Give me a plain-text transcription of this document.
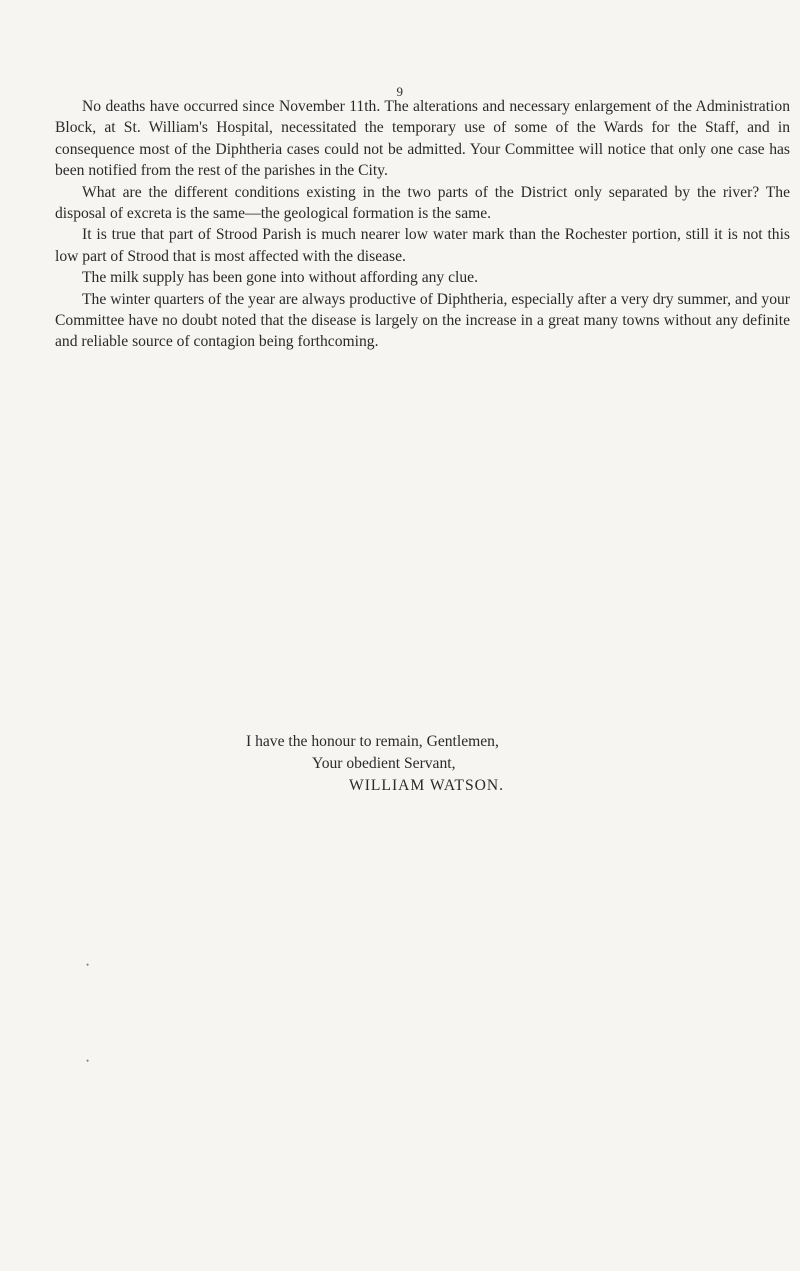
9

No deaths have occurred since November 11th. The alterations and necessary enlargement of the Administration Block, at St. William's Hospital, necessitated the temporary use of some of the Wards for the Staff, and in consequence most of the Diphtheria cases could not be admitted. Your Committee will notice that only one case has been notified from the rest of the parishes in the City.

What are the different conditions existing in the two parts of the District only separated by the river? The disposal of excreta is the same—the geological formation is the same.

It is true that part of Strood Parish is much nearer low water mark than the Rochester portion, still it is not this low part of Strood that is most affected with the disease.

The milk supply has been gone into without affording any clue.

The winter quarters of the year are always productive of Diphtheria, especially after a very dry summer, and your Committee have no doubt noted that the disease is largely on the increase in a great many towns without any definite and reliable source of contagion being forthcoming.

I have the honour to remain, Gentlemen,
Your obedient Servant,
WILLIAM WATSON.
•
•
